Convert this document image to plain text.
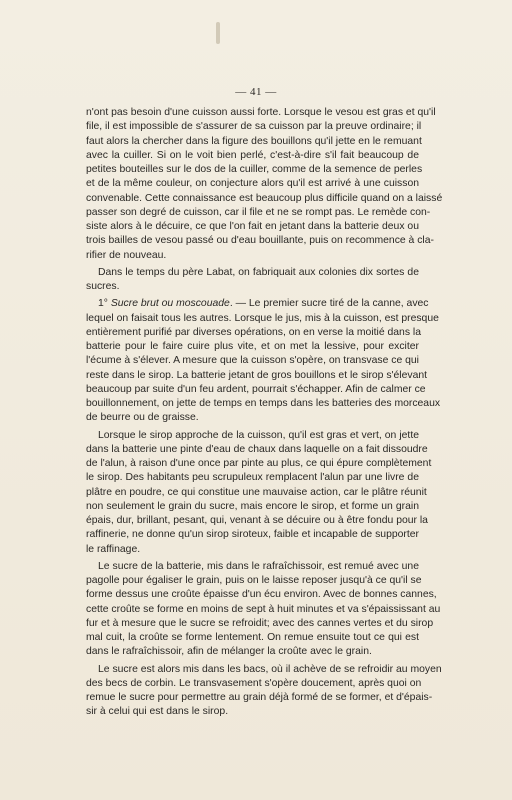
— 41 —
n'ont pas besoin d'une cuisson aussi forte. Lorsque le vesou est gras et qu'il
file, il est impossible de s'assurer de sa cuisson par la preuve ordinaire; il
faut alors la chercher dans la figure des bouillons qu'il jette en le remuant
avec la cuiller. Si on le voit bien perlé, c'est-à-dire s'il fait beaucoup de
petites bouteilles sur le dos de la cuiller, comme de la semence de perles
et de la même couleur, on conjecture alors qu'il est arrivé à une cuisson
convenable. Cette connaissance est beaucoup plus difficile quand on a laissé
passer son degré de cuisson, car il file et ne se rompt pas. Le remède con-
siste alors à le décuire, ce que l'on fait en jetant dans la batterie deux ou
trois bailles de vesou passé ou d'eau bouillante, puis on recommence à cla-
rifier de nouveau.
Dans le temps du père Labat, on fabriquait aux colonies dix sortes de
sucres.
1° Sucre brut ou moscouade. — Le premier sucre tiré de la canne, avec
lequel on faisait tous les autres. Lorsque le jus, mis à la cuisson, est presque
entièrement purifié par diverses opérations, on en verse la moitié dans la
batterie pour le faire cuire plus vite, et on met la lessive, pour exciter
l'écume à s'élever. A mesure que la cuisson s'opère, on transvase ce qui
reste dans le sirop. La batterie jetant de gros bouillons et le sirop s'élevant
beaucoup par suite d'un feu ardent, pourrait s'échapper. Afin de calmer ce
bouillonnement, on jette de temps en temps dans les batteries des morceaux
de beurre ou de graisse.
Lorsque le sirop approche de la cuisson, qu'il est gras et vert, on jette
dans la batterie une pinte d'eau de chaux dans laquelle on a fait dissoudre
de l'alun, à raison d'une once par pinte au plus, ce qui épure complètement
le sirop. Des habitants peu scrupuleux remplacent l'alun par une livre de
plâtre en poudre, ce qui constitue une mauvaise action, car le plâtre réunit
non seulement le grain du sucre, mais encore le sirop, et forme un grain
épais, dur, brillant, pesant, qui, venant à se décuire ou à être fondu pour la
raffinerie, ne donne qu'un sirop siroteux, faible et incapable de supporter
le raffinage.
Le sucre de la batterie, mis dans le rafraîchissoir, est remué avec une
pagolle pour égaliser le grain, puis on le laisse reposer jusqu'à ce qu'il se
forme dessus une croûte épaisse d'un écu environ. Avec de bonnes cannes,
cette croûte se forme en moins de sept à huit minutes et va s'épaississant au
fur et à mesure que le sucre se refroidit; avec des cannes vertes et du sirop
mal cuit, la croûte se forme lentement. On remue ensuite tout ce qui est
dans le rafraîchissoir, afin de mélanger la croûte avec le grain.
Le sucre est alors mis dans les bacs, où il achève de se refroidir au moyen
des becs de corbin. Le transvasement s'opère doucement, après quoi on
remue le sucre pour permettre au grain déjà formé de se former, et d'épais-
sir à celui qui est dans le sirop.
